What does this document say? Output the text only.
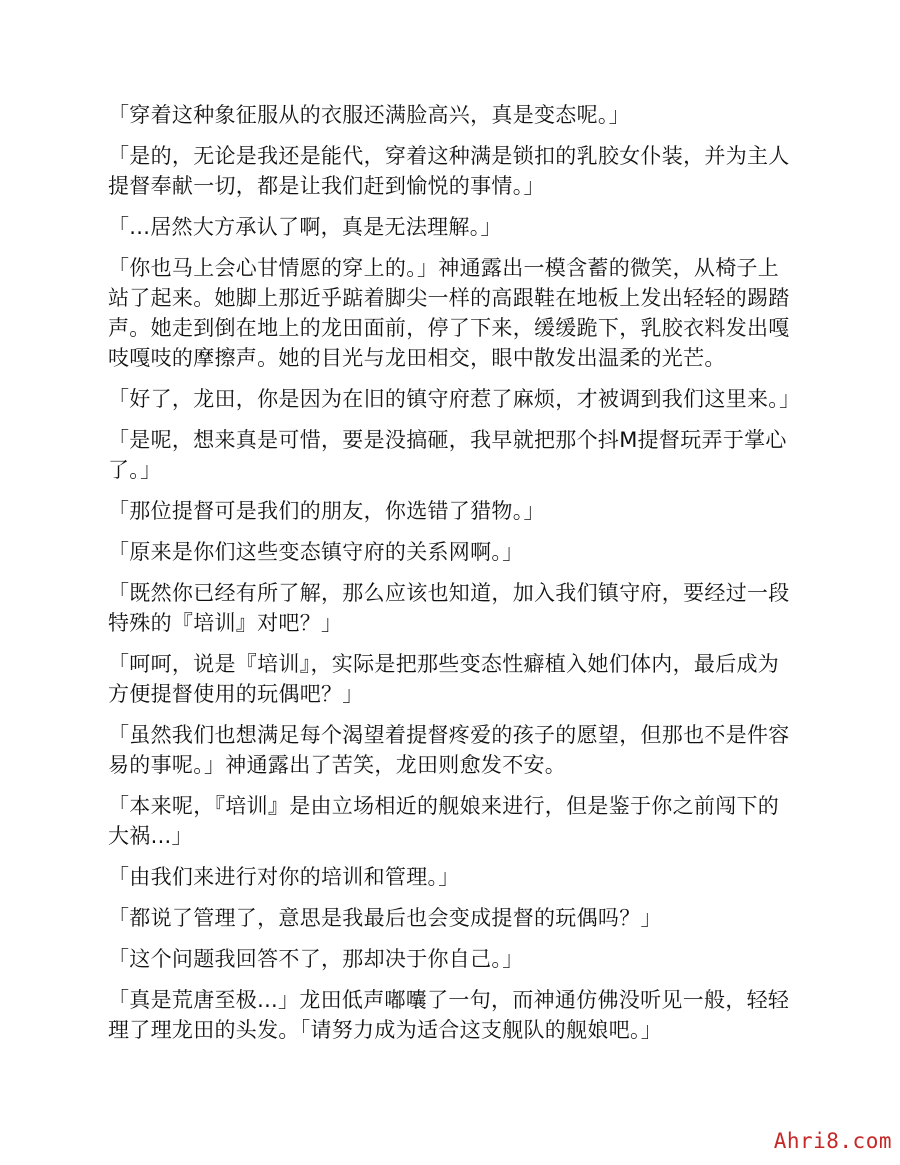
「穿着这种象征服从的衣服还满脸高兴，真是变态呢。」

「是的，无论是我还是能代，穿着这种满是锁扣的乳胶女仆装，并为主人提督奉献一切，都是让我们赶到愉悦的事情。」

「...居然大方承认了啊，真是无法理解。」

「你也马上会心甘情愿的穿上的。」神通露出一模含蓄的微笑，从椅子上站了起来。她脚上那近乎踮着脚尖一样的高跟鞋在地板上发出轻轻的踢踏声。她走到倒在地上的龙田面前，停了下来，缓缓跪下，乳胶衣料发出嘎吱嘎吱的摩擦声。她的目光与龙田相交，眼中散发出温柔的光芒。

「好了，龙田，你是因为在旧的镇守府惹了麻烦，才被调到我们这里来。」

「是呢，想来真是可惜，要是没搞砸，我早就把那个抖M提督玩弄于掌心了。」

「那位提督可是我们的朋友，你选错了猎物。」

「原来是你们这些变态镇守府的关系网啊。」

「既然你已经有所了解，那么应该也知道，加入我们镇守府，要经过一段特殊的『培训』对吧？」

「呵呵，说是『培训』，实际是把那些变态性癖植入她们体内，最后成为方便提督使用的玩偶吧？」

「虽然我们也想满足每个渴望着提督疼爱的孩子的愿望，但那也不是件容易的事呢。」神通露出了苦笑，龙田则愈发不安。

「本来呢，『培训』是由立场相近的舰娘来进行，但是鉴于你之前闯下的大祸...」

「由我们来进行对你的培训和管理。」

「都说了管理了，意思是我最后也会变成提督的玩偶吗？」

「这个问题我回答不了，那却决于你自己。」

「真是荒唐至极...」龙田低声嘟囔了一句，而神通仿佛没听见一般，轻轻理了理龙田的头发。「请努力成为适合这支舰队的舰娘吧。」

Ahri8.com
